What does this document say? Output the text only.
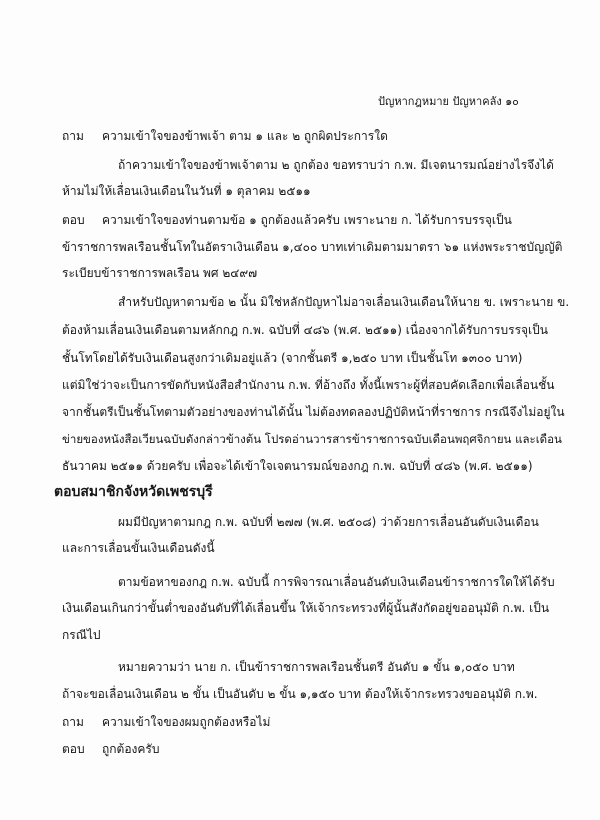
ปัญหากฎหมาย ปัญหาคลัง ๑๐
ถาม ความเข้าใจของข้าพเจ้า ตาม ๑ และ ๒ ถูกผิดประการใด
ถ้าความเข้าใจของข้าพเจ้าตาม ๒ ถูกต้อง ขอทราบว่า ก.พ. มีเจตนารมณ์อย่างไรจึงได้
ห้ามไม่ให้เลื่อนเงินเดือนในวันที่ ๑ ตุลาคม ๒๕๑๑
ตอบ ความเข้าใจของท่านตามข้อ ๑ ถูกต้องแล้วครับ เพราะนาย ก. ได้รับการบรรจุเป็น
ข้าราชการพลเรือนชั้นโทในอัตราเงินเดือน ๑,๔๐๐ บาทเท่าเดิมตามมาตรา ๖๑ แห่งพระราชบัญญัติ
ระเบียบข้าราชการพลเรือน พศ ๒๔๙๗
สำหรับปัญหาตามข้อ ๒ นั้น มิใช่หลักปัญหาไม่อาจเลื่อนเงินเดือนให้นาย ข. เพราะนาย ข.
ต้องห้ามเลื่อนเงินเดือนตามหลักกฎ ก.พ. ฉบับที่ ๔๘๖ (พ.ศ. ๒๕๑๑) เนื่องจากได้รับการบรรจุเป็น
ชั้นโทโดยได้รับเงินเดือนสูงกว่าเดิมอยู่แล้ว (จากชั้นตรี ๑,๒๕๐ บาท เป็นชั้นโท ๑๓๐๐ บาท)
แต่มิใช่ว่าจะเป็นการขัดกับหนังสือสำนักงาน ก.พ. ที่อ้างถึง ทั้งนี้เพราะผู้ที่สอบคัดเลือกเพื่อเลื่อนชั้น
จากชั้นตรีเป็นชั้นโทตามตัวอย่างของท่านได้นั้น ไม่ต้องทดลองปฏิบัติหน้าที่ราชการ กรณีจึงไม่อยู่ใน
ข่ายของหนังสือเวียนฉบับดังกล่าวข้างต้น โปรดอ่านวารสารข้าราชการฉบับเดือนพฤศจิกายน และเดือน
ธันวาคม ๒๕๑๑ ด้วยครับ เพื่อจะได้เข้าใจเจตนารมณ์ของกฎ ก.พ. ฉบับที่ ๔๘๖ (พ.ศ. ๒๕๑๑)
ตอบสมาชิกจังหวัดเพชรบุรี
ผมมีปัญหาตามกฎ ก.พ. ฉบับที่ ๒๗๗ (พ.ศ. ๒๕๐๘) ว่าด้วยการเลื่อนอันดับเงินเดือน
และการเลื่อนขั้นเงินเดือนดังนี้
ตามข้อหาของกฎ ก.พ. ฉบับนี้ การพิจารณาเลื่อนอันดับเงินเดือนข้าราชการใดให้ได้รับ
เงินเดือนเกินกว่าขั้นต่ำของอันดับที่ได้เลื่อนขึ้น ให้เจ้ากระทรวงที่ผู้นั้นสังกัดอยู่ขออนุมัติ ก.พ. เป็น
กรณีไป
หมายความว่า นาย ก. เป็นข้าราชการพลเรือนชั้นตรี อันดับ ๑ ขั้น ๑,๐๕๐ บาท
ถ้าจะขอเลื่อนเงินเดือน ๒ ขั้น เป็นอันดับ ๒ ขั้น ๑,๑๕๐ บาท ต้องให้เจ้ากระทรวงขออนุมัติ ก.พ.
ถาม ความเข้าใจของผมถูกต้องหรือไม่
ตอบ ถูกต้องครับ
